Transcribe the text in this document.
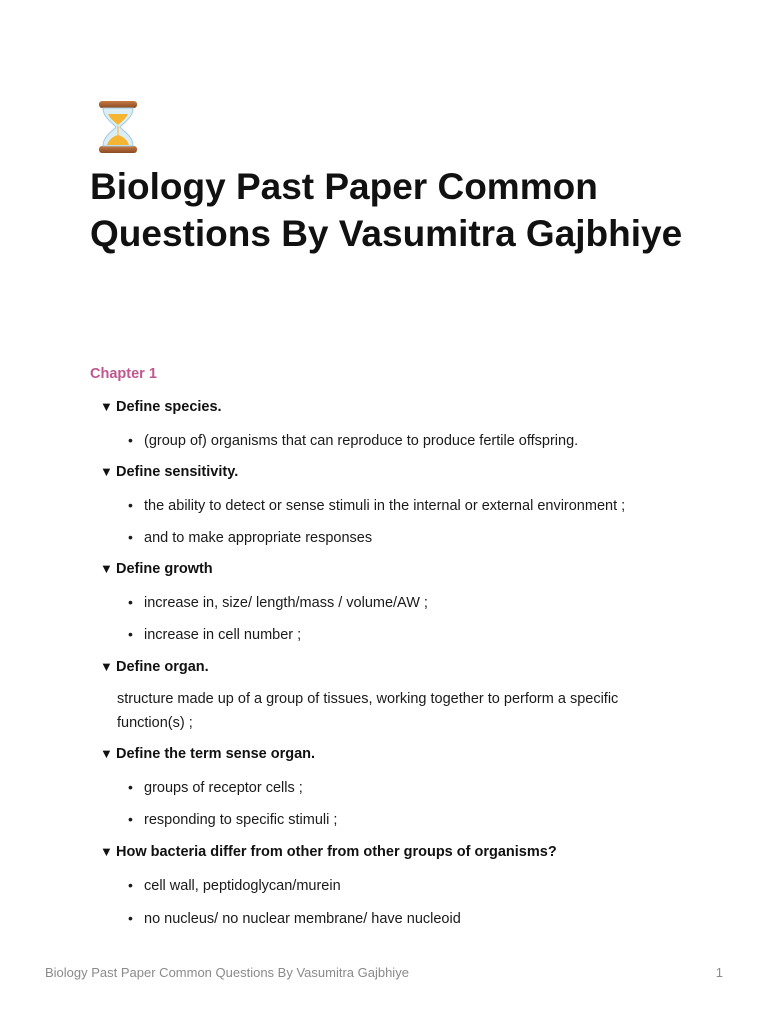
Biology Past Paper Common Questions By Vasumitra Gajbhiye
Chapter 1
▼ Define species.
• (group of) organisms that can reproduce to produce fertile offspring.
▼ Define sensitivity.
• the ability to detect or sense stimuli in the internal or external environment ;
• and to make appropriate responses
▼ Define growth
• increase in, size/ length/mass / volume/AW ;
• increase in cell number ;
▼ Define organ.
structure made up of a group of tissues, working together to perform a specific
function(s) ;
▼ Define the term sense organ.
• groups of receptor cells ;
• responding to specific stimuli ;
▼ How bacteria differ from other from other groups of organisms?
• cell wall, peptidoglycan/murein
• no nucleus/ no nuclear membrane/ have nucleoid
Biology Past Paper Common Questions By Vasumitra Gajbhiye	1
